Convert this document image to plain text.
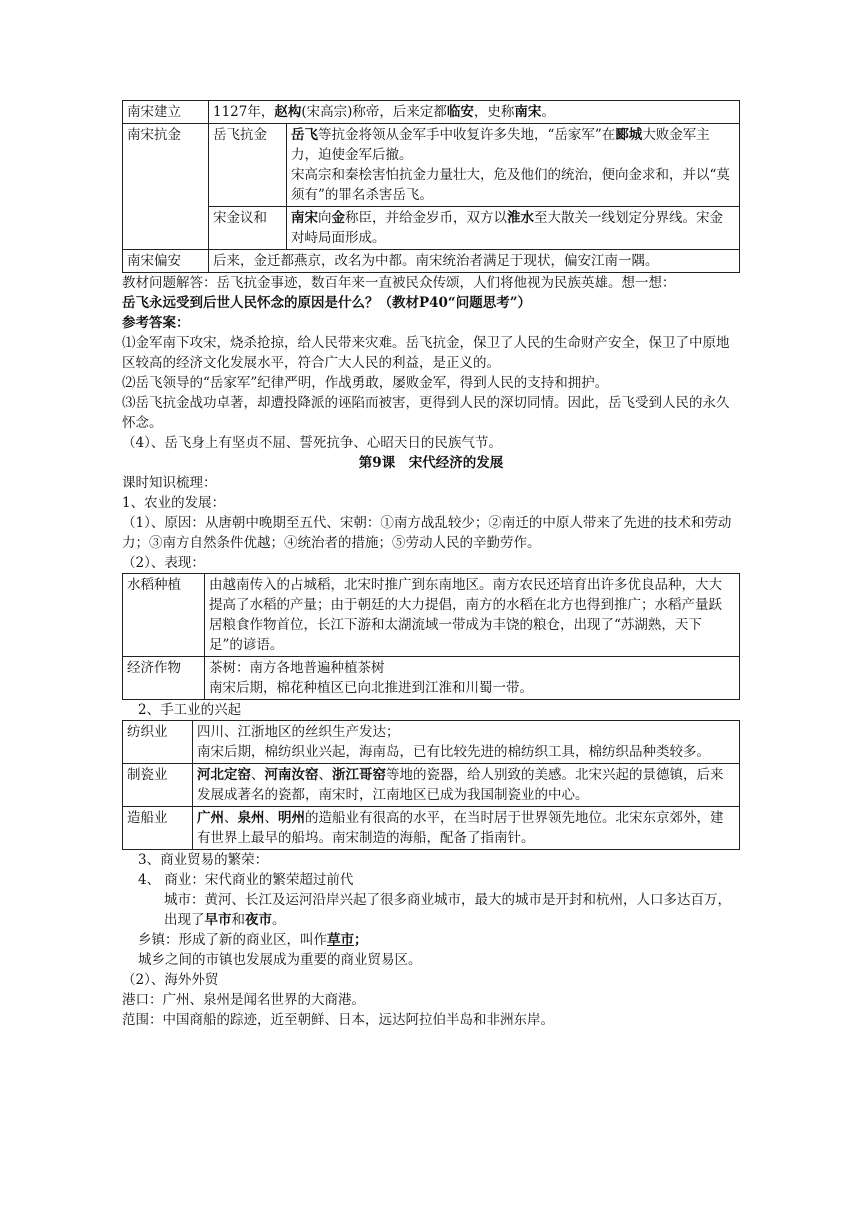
南宋建立	1127年，赵构(宋高宗)称帝，后来定都临安，史称南宋。	
南宋抗金	岳飞抗金	岳飞等抗金将领从金军手中收复许多失地，“岳家军”在郾城大败金军主力，迫使金军后撤。
宋高宗和秦桧害怕抗金力量壮大，危及他们的统治，便向金求和，并以“莫须有”的罪名杀害岳飞。
	宋金议和	南宋向金称臣，并给金岁币，双方以淮水至大散关一线划定分界线。宋金对峙局面形成。
南宋偏安	后来，金迁都燕京，改名为中都。南宋统治者满足于现状，偏安江南一隅。	

教材问题解答：岳飞抗金事迹，数百年来一直被民众传颂，人们将他视为民族英雄。想一想：

岳飞永远受到后世人民怀念的原因是什么？（教材P40“问题思考”）

参考答案：

⑴金军南下攻宋，烧杀抢掠，给人民带来灾难。岳飞抗金，保卫了人民的生命财产安全，保卫了中原地区较高的经济文化发展水平，符合广大人民的利益，是正义的。

⑵岳飞领导的“岳家军”纪律严明，作战勇敢，屡败金军，得到人民的支持和拥护。

⑶岳飞抗金战功卓著，却遭投降派的诬陷而被害，更得到人民的深切同情。因此，岳飞受到人民的永久怀念。

（4）、岳飞身上有坚贞不屈、誓死抗争、心昭天日的民族气节。

第9课　宋代经济的发展

课时知识梳理：

1、农业的发展：

（1）、原因：从唐朝中晚期至五代、宋朝：①南方战乱较少；②南迁的中原人带来了先进的技术和劳动力；③南方自然条件优越；④统治者的措施；⑤劳动人民的辛勤劳作。

（2）、表现：

水稻种植	由越南传入的占城稻，北宋时推广到东南地区。南方农民还培育出许多优良品种，大大提高了水稻的产量；由于朝廷的大力提倡，南方的水稻在北方也得到推广；水稻产量跃居粮食作物首位，长江下游和太湖流域一带成为丰饶的粮仓，出现了“苏湖熟，天下足”的谚语。
经济作物	茶树：南方各地普遍种植茶树
南宋后期，棉花种植区已向北推进到江淮和川蜀一带。

2、手工业的兴起

纺织业	四川、江浙地区的丝织生产发达；
南宋后期，棉纺织业兴起，海南岛，已有比较先进的棉纺织工具，棉纺织品种类较多。
制瓷业	河北定窑、河南汝窑、浙江哥窑等地的瓷器，给人别致的美感。北宋兴起的景德镇，后来发展成著名的瓷都，南宋时，江南地区已成为我国制瓷业的中心。
造船业	广州、泉州、明州的造船业有很高的水平，在当时居于世界领先地位。北宋东京郊外，建有世界上最早的船坞。南宋制造的海船，配备了指南针。

3、商业贸易的繁荣：

4、 商业：宋代商业的繁荣超过前代

城市：黄河、长江及运河沿岸兴起了很多商业城市，最大的城市是开封和杭州，人口多达百万，出现了早市和夜市。

乡镇：形成了新的商业区，叫作草市；

城乡之间的市镇也发展成为重要的商业贸易区。

（2）、海外外贸

港口：广州、泉州是闻名世界的大商港。

范围：中国商船的踪迹，近至朝鲜、日本，远达阿拉伯半岛和非洲东岸。
